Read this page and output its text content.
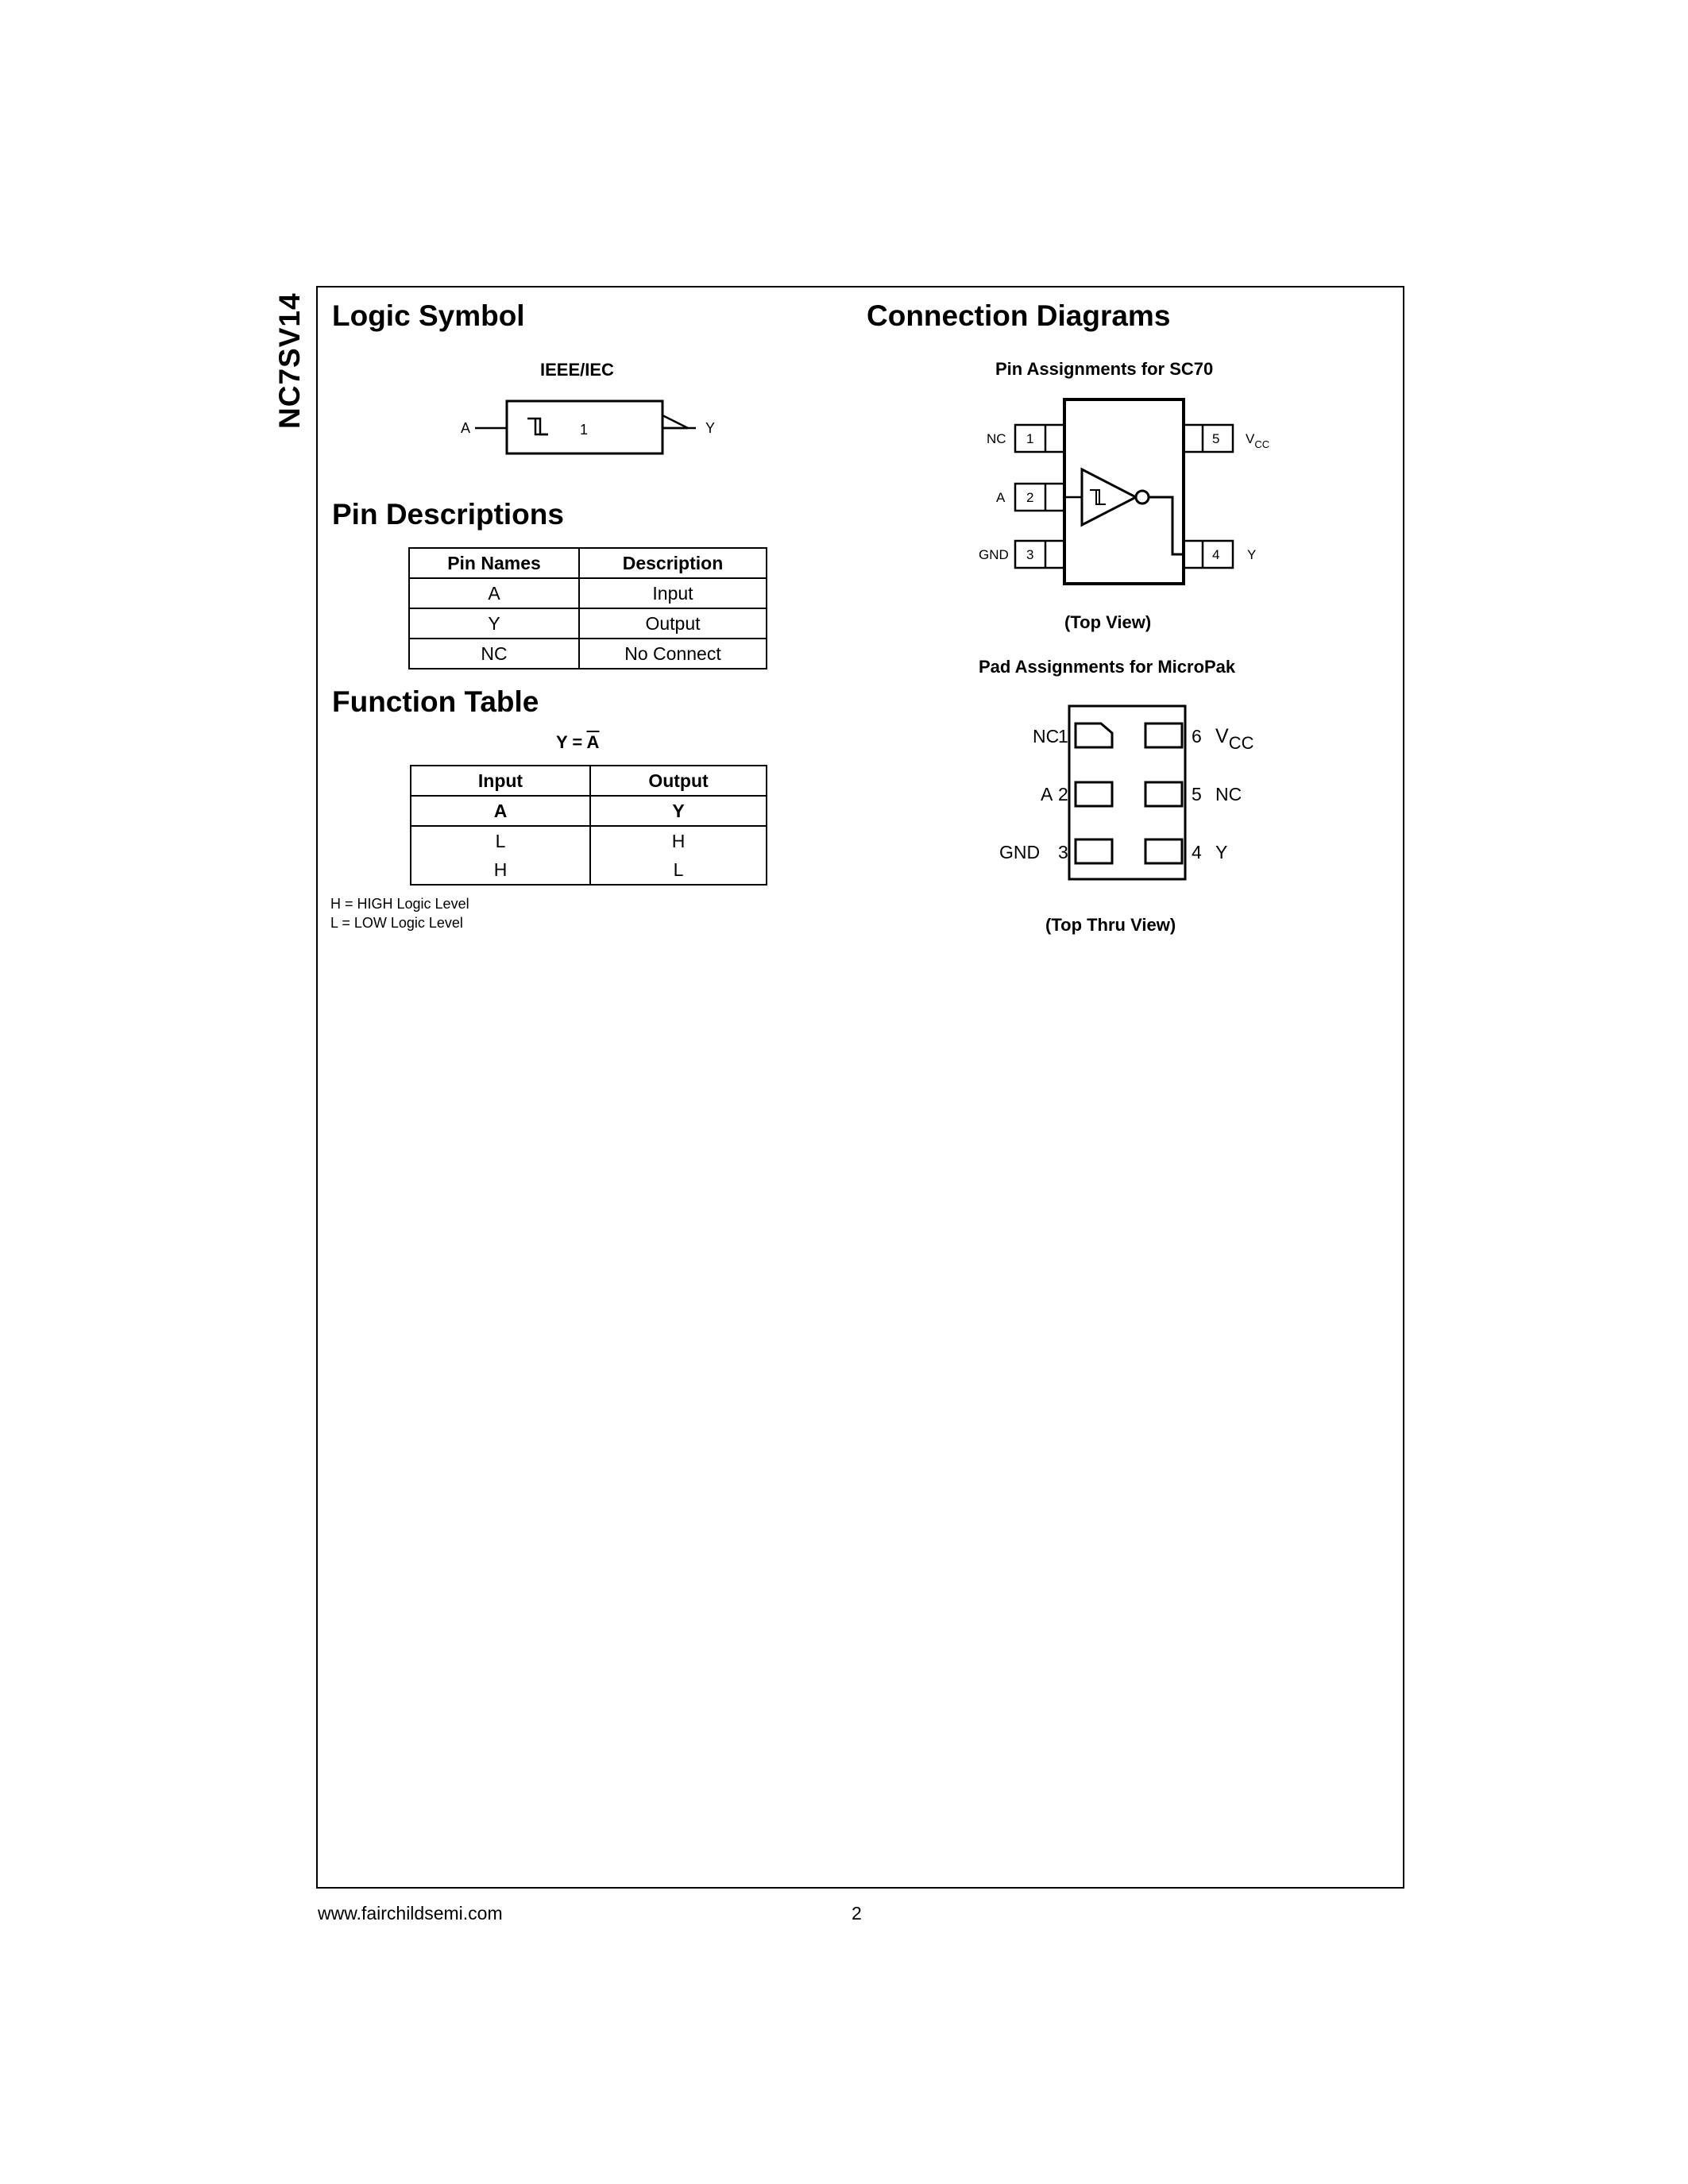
NC7SV14 Logic Symbol
IEEE/IEC
A	1	Y
Pin Descriptions
Pin Names	Description
A	Input
Y	Output
NC	No Connect
Function Table
$Y = \overline{A}$
Input	Output
A	Y
L	H
H	L
H = HIGH Logic Level
L = LOW Logic Level
Connection Diagrams
Pin Assignments for SC70
NC 1
A 2
GND 3
5 $V_{CC}$
4 Y
(Top View)
Pad Assignments for MicroPak
NC
1
A 2
GND 3
6 VCC
5 NC
4 Y
(Top Thru View)
www.fairchildsemi.com	2
